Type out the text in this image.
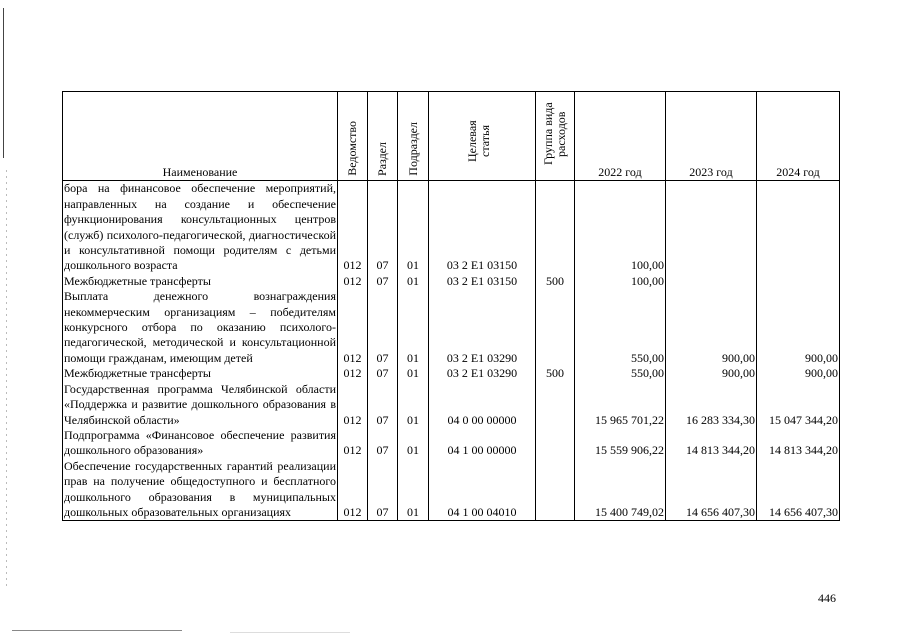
Наименование	Ведомство	Раздел	Подраздел	Целевая статья	Группа вида расходов	2022 год	2023 год	2024 год
бора на финансовое обеспечение мероприятий, направленных на создание и обеспечение функционирования консультационных центров (служб) психолого-педагогической, диагностической и консультативной помощи родителям с детьми дошкольного возраста	012	07	01	03 2 E1 03150		100,00		
Межбюджетные трансферты	012	07	01	03 2 E1 03150	500	100,00		
Выплата денежного вознаграждения некоммерческим организациям – победителям конкурсного отбора по оказанию психолого-педагогической, методической и консультационной помощи гражданам, имеющим детей	012	07	01	03 2 E1 03290		550,00	900,00	900,00
Межбюджетные трансферты	012	07	01	03 2 E1 03290	500	550,00	900,00	900,00
Государственная программа Челябинской области «Поддержка и развитие дошкольного образования в Челябинской области»	012	07	01	04 0 00 00000		15 965 701,22	16 283 334,30	15 047 344,20
Подпрограмма «Финансовое обеспечение развития дошкольного образования»	012	07	01	04 1 00 00000		15 559 906,22	14 813 344,20	14 813 344,20
Обеспечение государственных гарантий реализации прав на получение общедоступного и бесплатного дошкольного образования в муниципальных дошкольных образовательных организациях	012	07	01	04 1 00 04010		15 400 749,02	14 656 407,30	14 656 407,30
446
